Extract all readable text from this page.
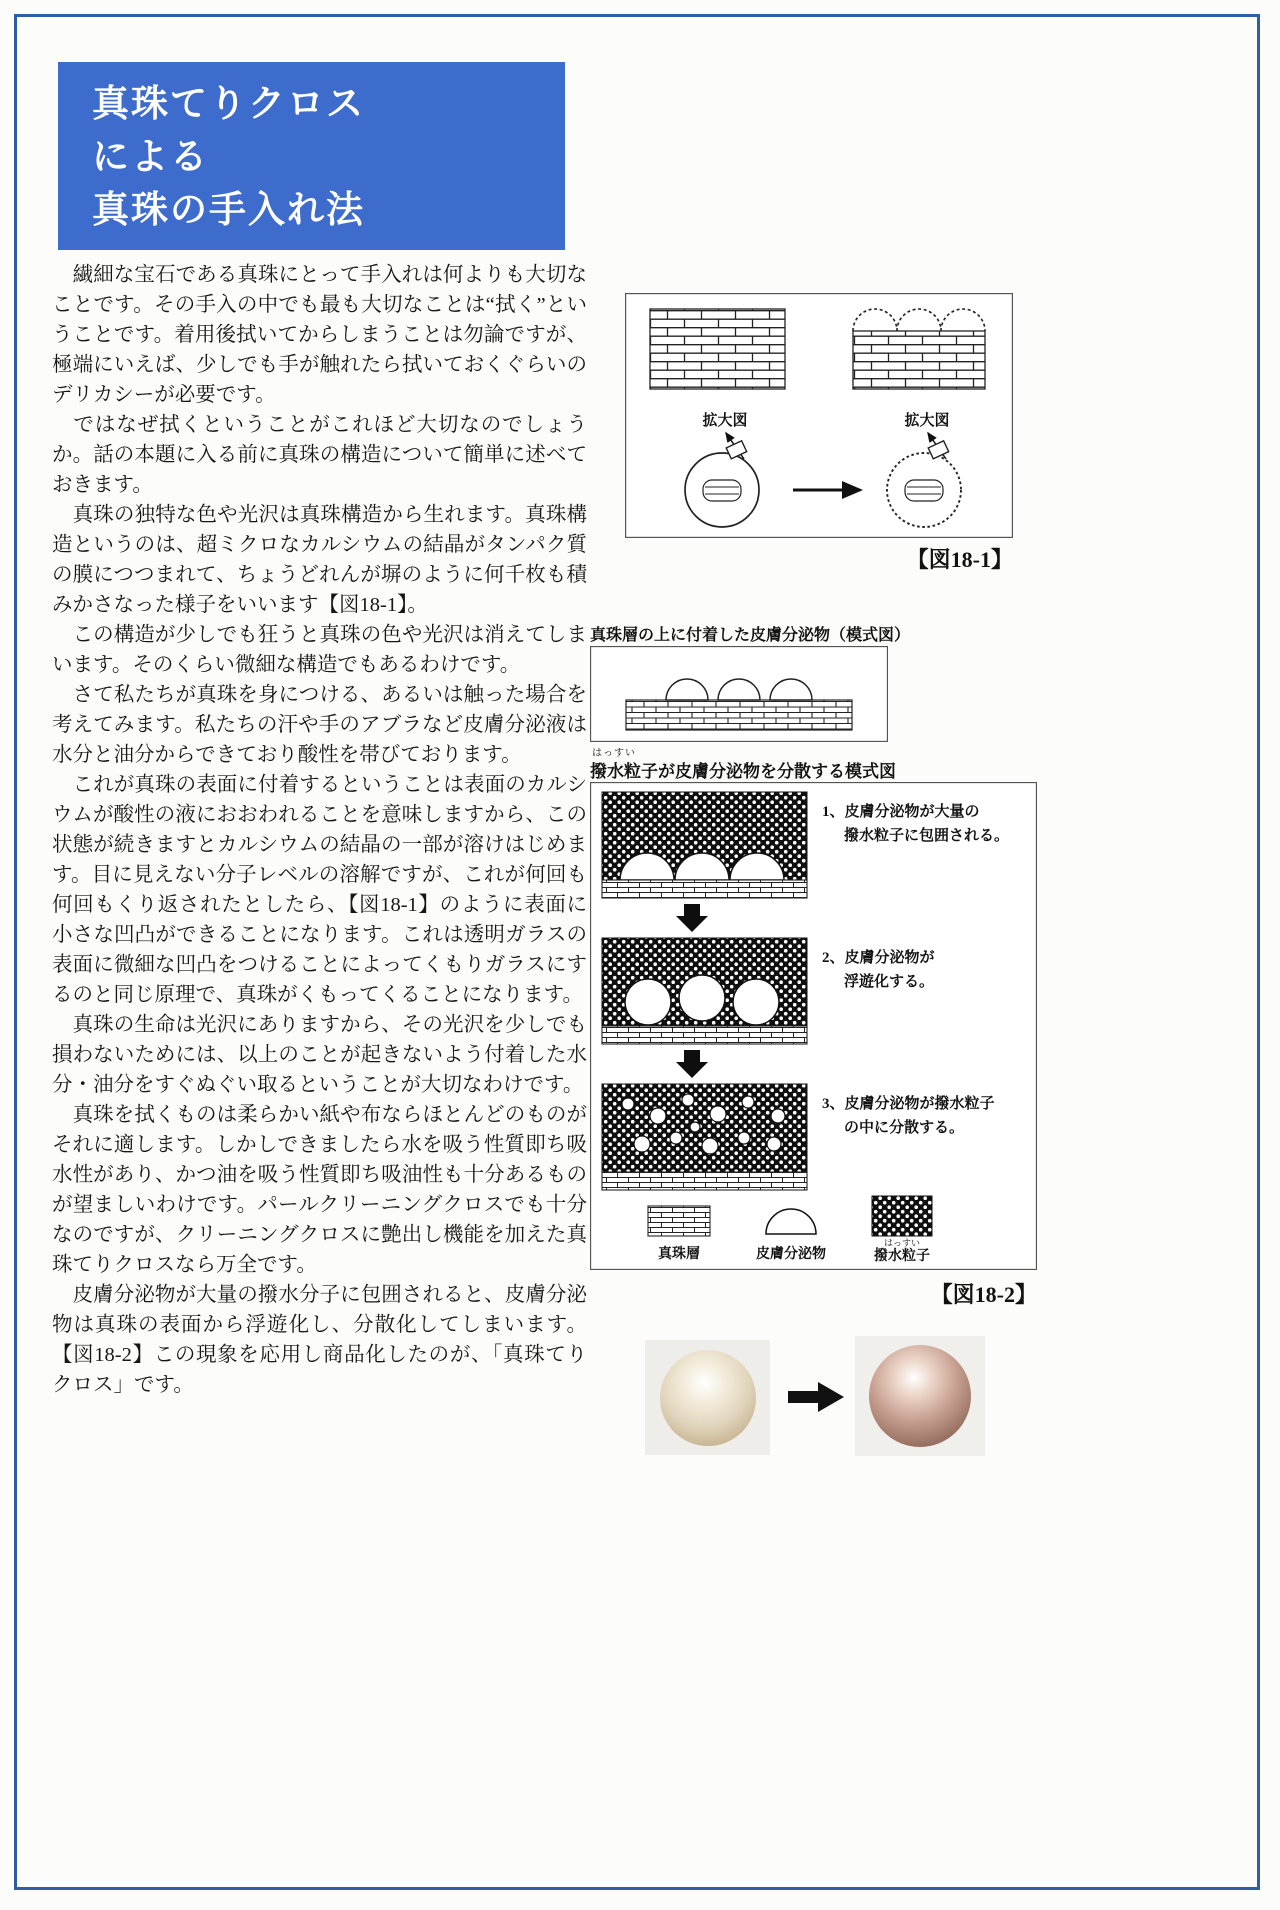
真珠てりクロス
による
真珠の手入れ法

　繊細な宝石である真珠にとって手入れは何よりも大切なことです。その手入の中でも最も大切なことは“拭く”ということです。着用後拭いてからしまうことは勿論ですが、極端にいえば、少しでも手が触れたら拭いておくぐらいのデリカシーが必要です。

　ではなぜ拭くということがこれほど大切なのでしょうか。話の本題に入る前に真珠の構造について簡単に述べておきます。

　真珠の独特な色や光沢は真珠構造から生れます。真珠構造というのは、超ミクロなカルシウムの結晶がタンパク質の膜につつまれて、ちょうどれんが塀のように何千枚も積みかさなった様子をいいます【図18-1】。

　この構造が少しでも狂うと真珠の色や光沢は消えてしまいます。そのくらい微細な構造でもあるわけです。

　さて私たちが真珠を身につける、あるいは触った場合を考えてみます。私たちの汗や手のアブラなど皮膚分泌液は水分と油分からできており酸性を帯びております。

　これが真珠の表面に付着するということは表面のカルシウムが酸性の液におおわれることを意味しますから、この状態が続きますとカルシウムの結晶の一部が溶けはじめます。目に見えない分子レベルの溶解ですが、これが何回も何回もくり返されたとしたら、【図18-1】のように表面に小さな凹凸ができることになります。これは透明ガラスの表面に微細な凹凸をつけることによってくもりガラスにするのと同じ原理で、真珠がくもってくることになります。

　真珠の生命は光沢にありますから、その光沢を少しでも損わないためには、以上のことが起きないよう付着した水分・油分をすぐぬぐい取るということが大切なわけです。

　真珠を拭くものは柔らかい紙や布ならほとんどのものがそれに適します。しかしできましたら水を吸う性質即ち吸水性があり、かつ油を吸う性質即ち吸油性も十分あるものが望ましいわけです。パールクリーニングクロスでも十分なのですが、クリーニングクロスに艶出し機能を加えた真珠てりクロスなら万全です。

　皮膚分泌物が大量の撥水分子に包囲されると、皮膚分泌物は真珠の表面から浮遊化し、分散化してしまいます。【図18-2】この現象を応用し商品化したのが、「真珠てりクロス」です。

拡大図	拡大図
【図18-1】
真珠層の上に付着した皮膚分泌物（模式図）
はっすい
撥水粒子が皮膚分泌物を分散する模式図
1、皮膚分泌物が大量の
撥水粒子に包囲される。
2、皮膚分泌物が
浮遊化する。
3、皮膚分泌物が撥水粒子
の中に分散する。
真珠層	皮膚分泌物
はっすい
撥水粒子
【図18-2】
